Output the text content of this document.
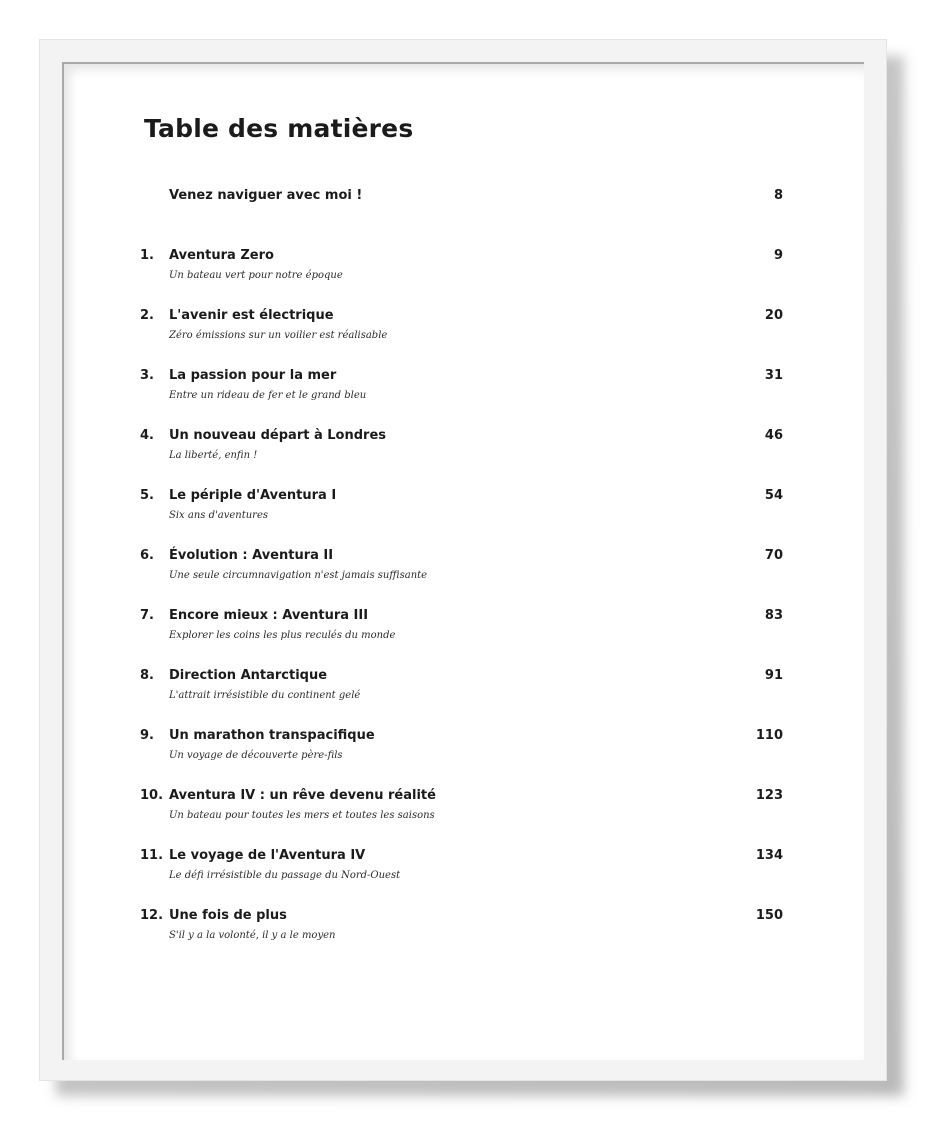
Table des matières
Venez naviguer avec moi !	8
1. Aventura Zero
Un bateau vert pour notre époque
9
2. L'avenir est électrique
Zéro émissions sur un voilier est réalisable
20
3. La passion pour la mer
Entre un rideau de fer et le grand bleu
31
4. Un nouveau départ à Londres
La liberté, enfin !
46
5. Le périple d'Aventura I
Six ans d'aventures
54
6. Évolution : Aventura II
Une seule circumnavigation n'est jamais suffisante
70
7. Encore mieux : Aventura III
Explorer les coins les plus reculés du monde
83
8. Direction Antarctique
L'attrait irrésistible du continent gelé
91
9. Un marathon transpacifique
Un voyage de découverte père-fils
110
10. Aventura IV : un rêve devenu réalité
Un bateau pour toutes les mers et toutes les saisons
123
11. Le voyage de l'Aventura IV
Le défi irrésistible du passage du Nord-Ouest
134
12. Une fois de plus
S'il y a la volonté, il y a le moyen
150
